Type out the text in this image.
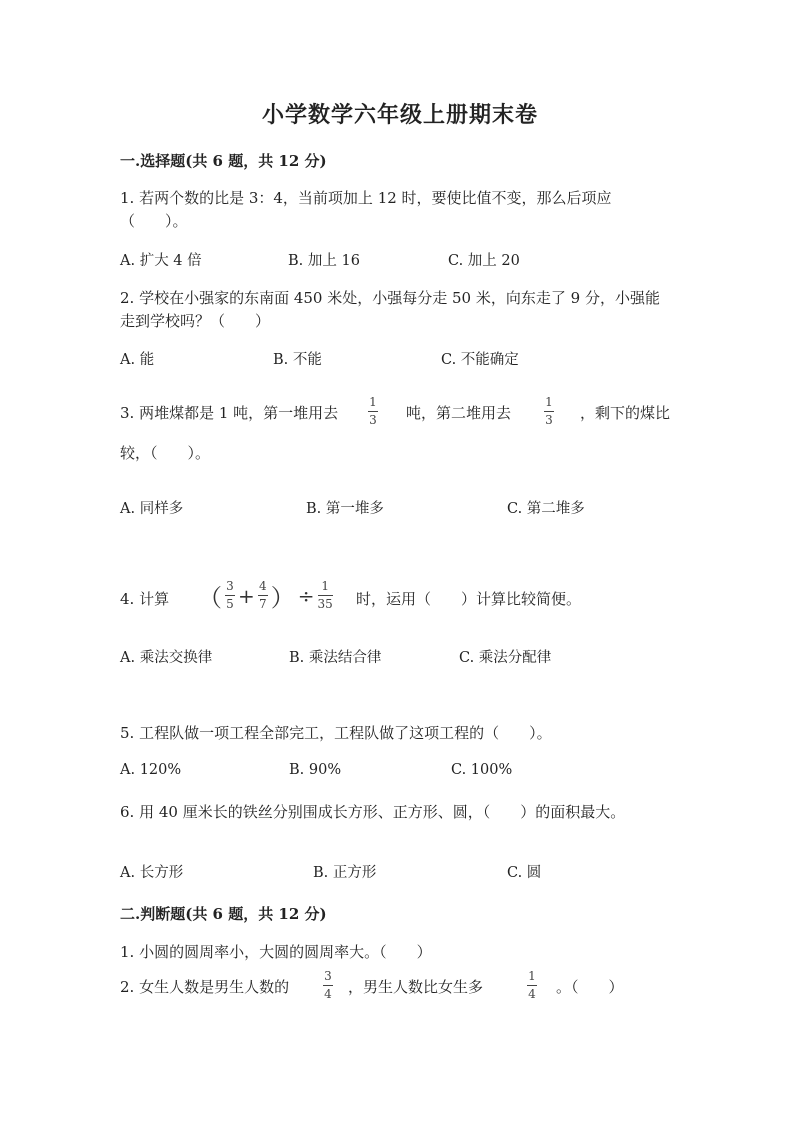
小学数学六年级上册期末卷
一.选择题(共 6 题，共 12 分)
1. 若两个数的比是 3：4，当前项加上 12 时，要使比值不变，那么后项应
（　　）。
A. 扩大 4 倍	B. 加上 16	C. 加上 20
2. 学校在小强家的东南面 450 米处，小强每分走 50 米，向东走了 9 分，小强能
走到学校吗？（　　）
A. 能	B. 不能	C. 不能确定
3. 两堆煤都是 1 吨，第一堆用去
1
3 吨，第二堆用去
1
3 ，剩下的煤比
较，（　　）。
A. 同样多	B. 第一堆多	C. 第二堆多
4. 计算 （ $\frac{3}{5} + \frac{4}{7}$ ） ÷ $\frac{1}{35}$ 时，运用（　　）计算比较简便。
A. 乘法交换律	B. 乘法结合律	C. 乘法分配律
5. 工程队做一项工程全部完工，工程队做了这项工程的（　　）。
A. 120%	B. 90%	C. 100%
6. 用 40 厘米长的铁丝分别围成长方形、正方形、圆，（　　）的面积最大。
A. 长方形	B. 正方形	C. 圆
二.判断题(共 6 题，共 12 分)
1. 小圆的圆周率小，大圆的圆周率大。（　　）
2. 女生人数是男生人数的
3
4 ，男生人数比女生多
1
4 。（　　）
